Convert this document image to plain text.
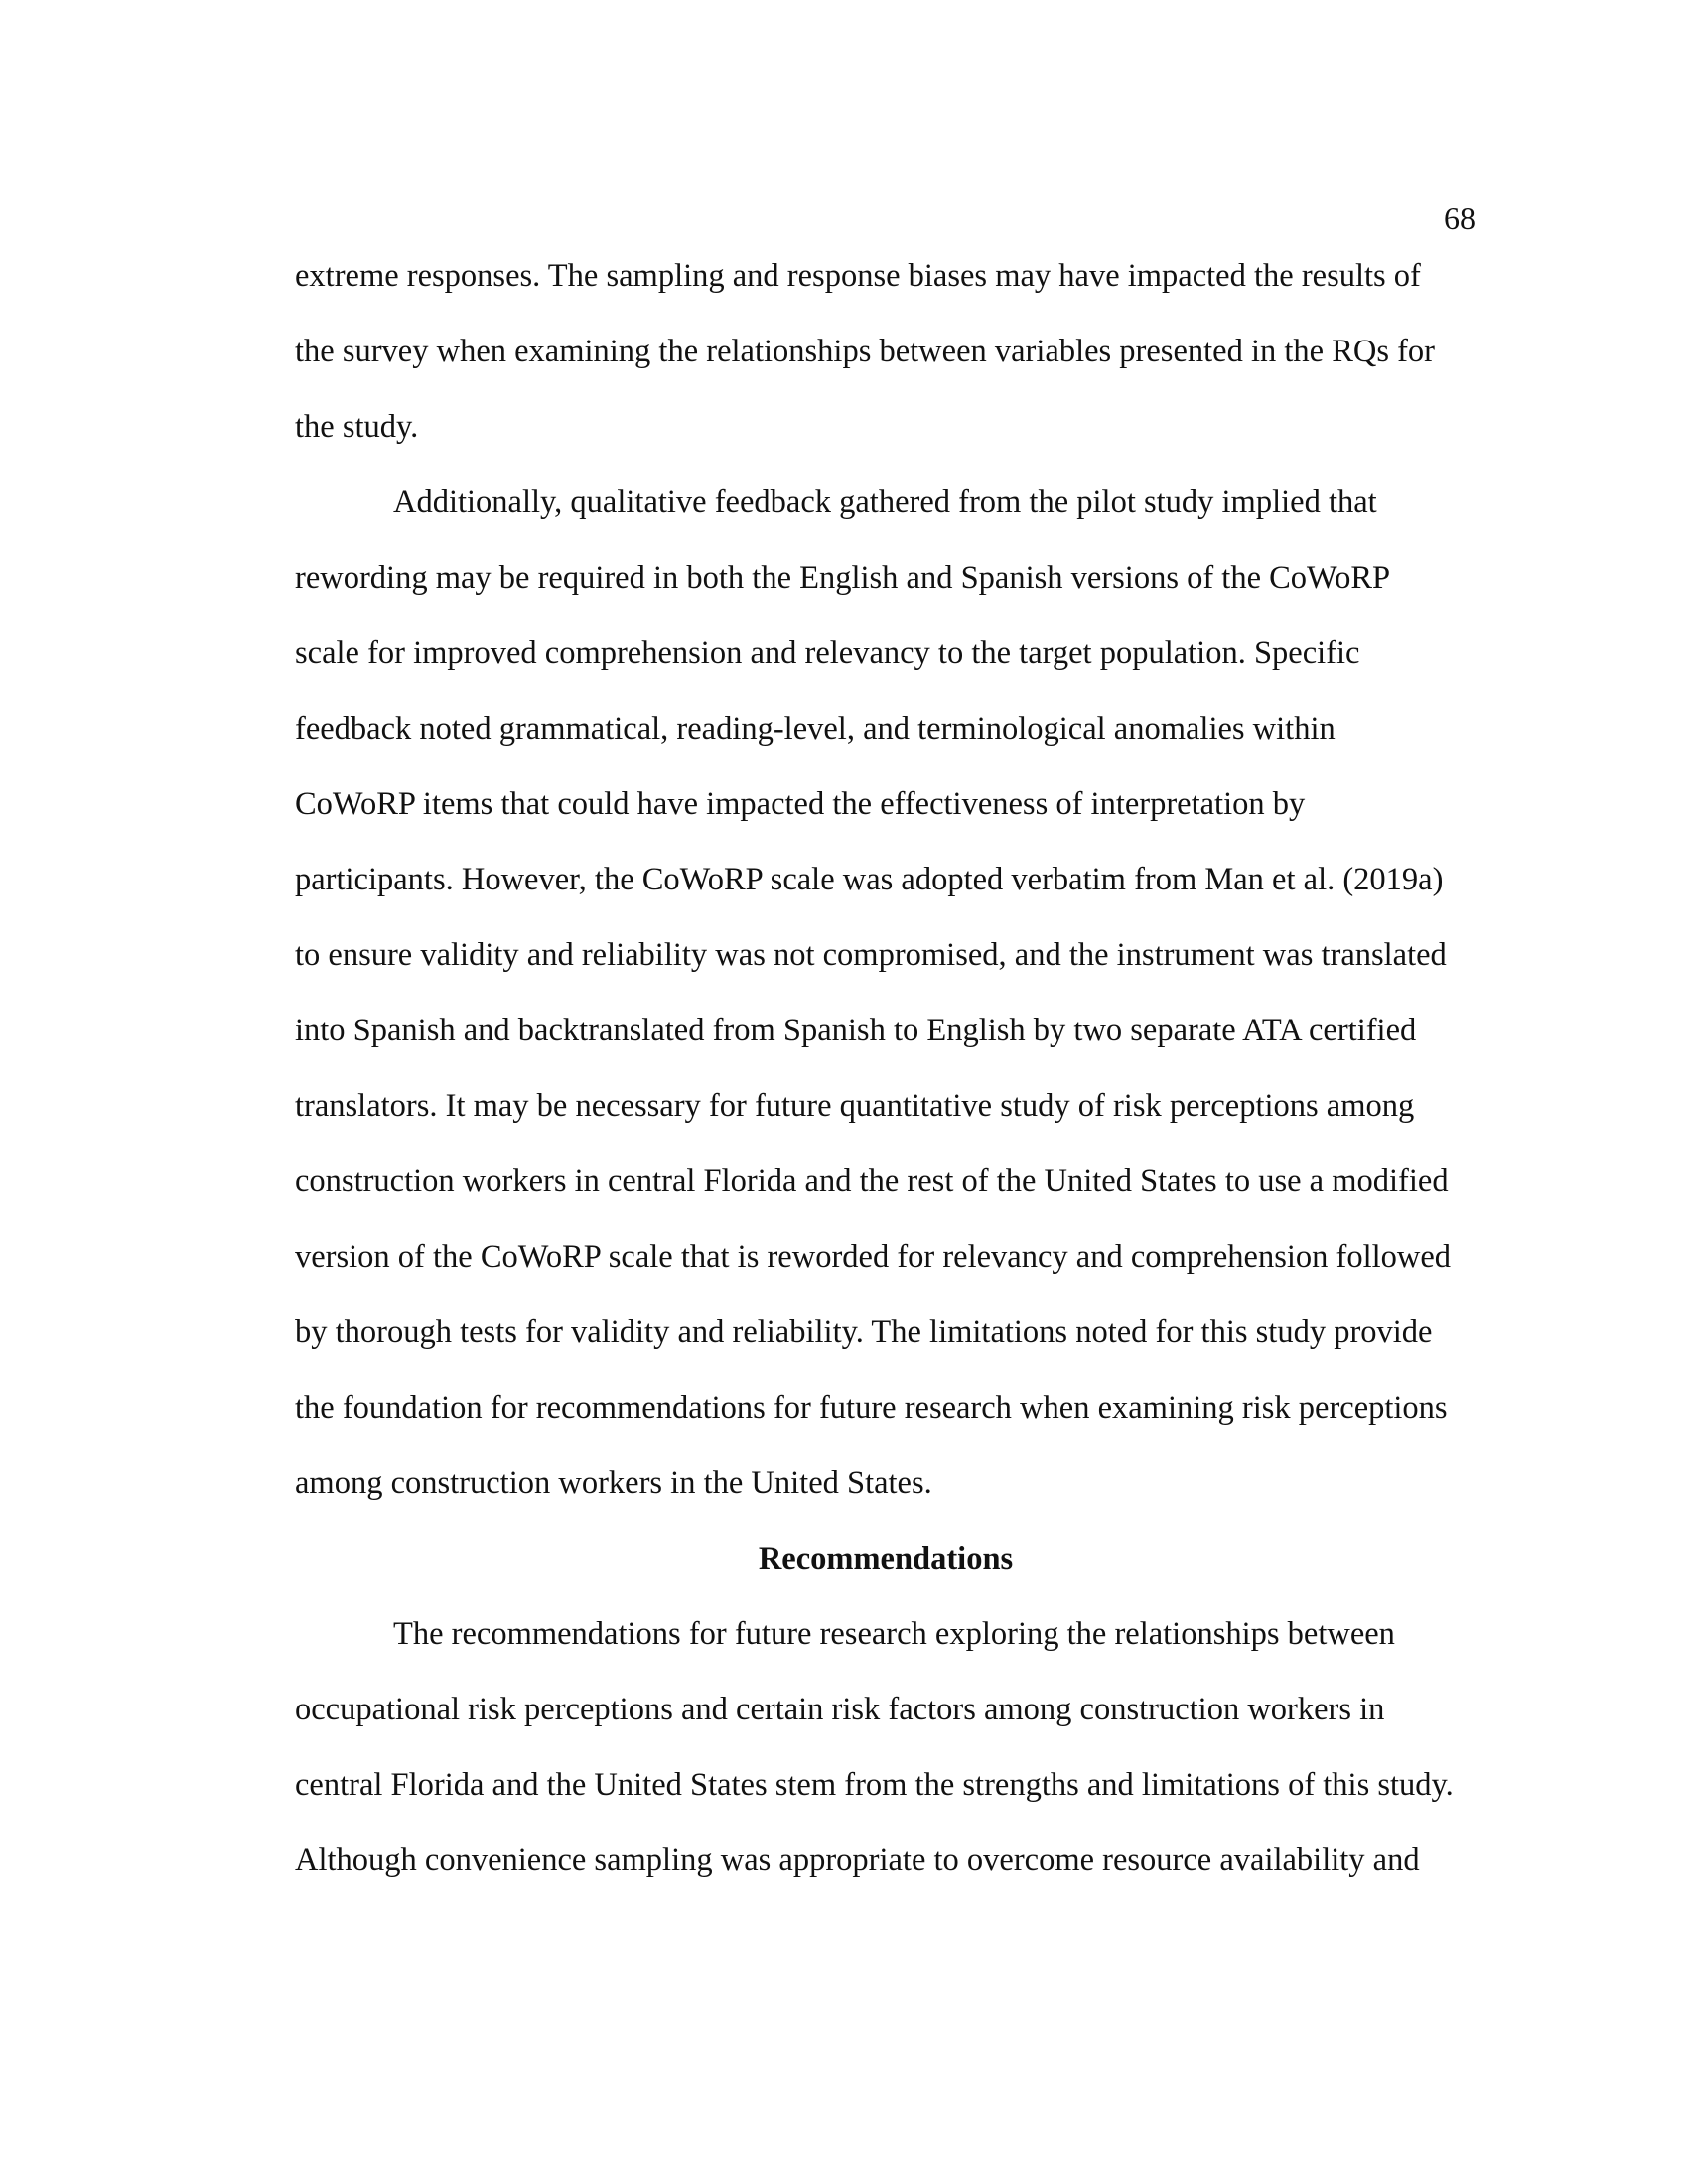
68
extreme responses. The sampling and response biases may have impacted the results of
the survey when examining the relationships between variables presented in the RQs for
the study.
Additionally, qualitative feedback gathered from the pilot study implied that
rewording may be required in both the English and Spanish versions of the CoWoRP
scale for improved comprehension and relevancy to the target population. Specific
feedback noted grammatical, reading-level, and terminological anomalies within
CoWoRP items that could have impacted the effectiveness of interpretation by
participants. However, the CoWoRP scale was adopted verbatim from Man et al. (2019a)
to ensure validity and reliability was not compromised, and the instrument was translated
into Spanish and backtranslated from Spanish to English by two separate ATA certified
translators. It may be necessary for future quantitative study of risk perceptions among
construction workers in central Florida and the rest of the United States to use a modified
version of the CoWoRP scale that is reworded for relevancy and comprehension followed
by thorough tests for validity and reliability. The limitations noted for this study provide
the foundation for recommendations for future research when examining risk perceptions
among construction workers in the United States.
Recommendations
The recommendations for future research exploring the relationships between
occupational risk perceptions and certain risk factors among construction workers in
central Florida and the United States stem from the strengths and limitations of this study.
Although convenience sampling was appropriate to overcome resource availability and
